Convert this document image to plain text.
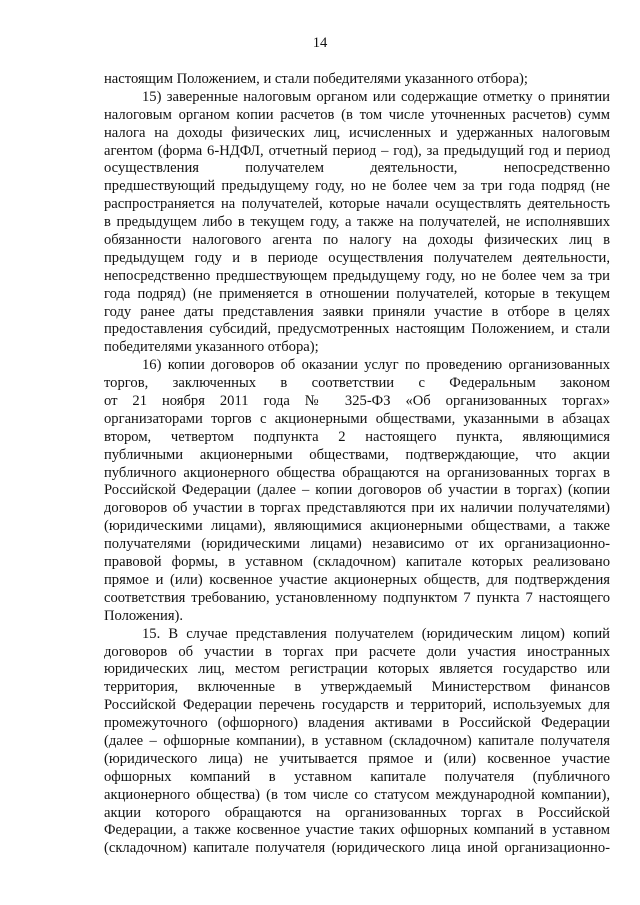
14
настоящим Положением, и стали победителями указанного отбора);
15) заверенные налоговым органом или содержащие отметку о принятии
налоговым органом копии расчетов (в том числе уточненных расчетов) сумм
налога на доходы физических лиц, исчисленных и удержанных налоговым
агентом (форма 6-НДФЛ, отчетный период – год), за предыдущий год и период
осуществления получателем деятельности, непосредственно
предшествующий предыдущему году, но не более чем за три года подряд (не
распространяется на получателей, которые начали осуществлять деятельность
в предыдущем либо в текущем году, а также на получателей, не исполнявших
обязанности налогового агента по налогу на доходы физических лиц в
предыдущем году и в периоде осуществления получателем деятельности,
непосредственно предшествующем предыдущему году, но не более чем за три
года подряд) (не применяется в отношении получателей, которые в текущем
году ранее даты представления заявки приняли участие в отборе в целях
предоставления субсидий, предусмотренных настоящим Положением, и стали
победителями указанного отбора);
16) копии договоров об оказании услуг по проведению организованных
торгов, заключенных в соответствии с Федеральным законом
от 21 ноября 2011 года № 325-ФЗ «Об организованных торгах»
организаторами торгов с акционерными обществами, указанными в абзацах
втором, четвертом подпункта 2 настоящего пункта, являющимися
публичными акционерными обществами, подтверждающие, что акции
публичного акционерного общества обращаются на организованных торгах в
Российской Федерации (далее – копии договоров об участии в торгах) (копии
договоров об участии в торгах представляются при их наличии получателями)
(юридическими лицами), являющимися акционерными обществами, а также
получателями (юридическими лицами) независимо от их организационно-
правовой формы, в уставном (складочном) капитале которых реализовано
прямое и (или) косвенное участие акционерных обществ, для подтверждения
соответствия требованию, установленному подпунктом 7 пункта 7 настоящего
Положения).
15. В случае представления получателем (юридическим лицом) копий
договоров об участии в торгах при расчете доли участия иностранных
юридических лиц, местом регистрации которых является государство или
территория, включенные в утверждаемый Министерством финансов
Российской Федерации перечень государств и территорий, используемых для
промежуточного (офшорного) владения активами в Российской Федерации
(далее – офшорные компании), в уставном (складочном) капитале получателя
(юридического лица) не учитывается прямое и (или) косвенное участие
офшорных компаний в уставном капитале получателя (публичного
акционерного общества) (в том числе со статусом международной компании),
акции которого обращаются на организованных торгах в Российской
Федерации, а также косвенное участие таких офшорных компаний в уставном
(складочном) капитале получателя (юридического лица иной организационно-
